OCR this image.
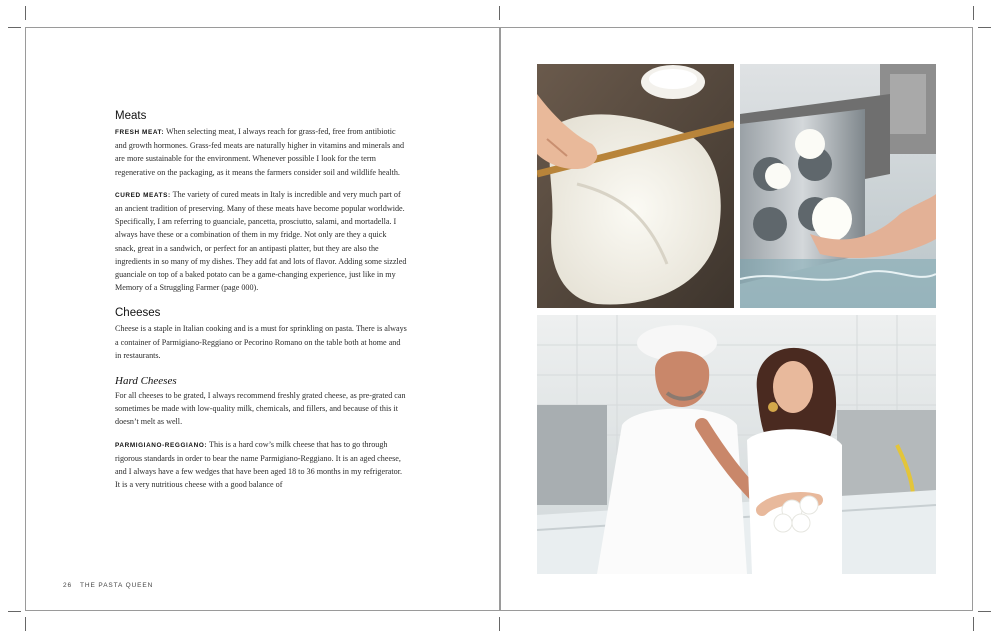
Meats

FRESH MEAT: When selecting meat, I always reach for grass-fed, free from antibiotic and growth hormones. Grass-fed meats are naturally higher in vitamins and minerals and are more sustainable for the environment. Whenever possible I look for the term regenerative on the packaging, as it means the farmers consider soil and wildlife health.

CURED MEATS: The variety of cured meats in Italy is incredible and very much part of an ancient tradition of preserving. Many of these meats have become popular worldwide. Specifically, I am referring to guanciale, pancetta, prosciutto, salami, and mortadella. I always have these or a combination of them in my fridge. Not only are they a quick snack, great in a sandwich, or perfect for an antipasti platter, but they are also the ingredients in so many of my dishes. They add fat and lots of flavor. Adding some sizzled guanciale on top of a baked potato can be a game-changing experience, just like in my Memory of a Struggling Farmer (page 000).

Cheeses

Cheese is a staple in Italian cooking and is a must for sprinkling on pasta. There is always a container of Parmigiano-Reggiano or Pecorino Romano on the table both at home and in restaurants.

Hard Cheeses

For all cheeses to be grated, I always recommend freshly grated cheese, as pre-grated can sometimes be made with low-quality milk, chemicals, and fillers, and because of this it doesn’t melt as well.

PARMIGIANO-REGGIANO: This is a hard cow’s milk cheese that has to go through rigorous standards in order to bear the name Parmigiano-Reggiano. It is an aged cheese, and I always have a few wedges that have been aged 18 to 36 months in my refrigerator. It is a very nutritious cheese with a good balance of

26 THE PASTA QUEEN
